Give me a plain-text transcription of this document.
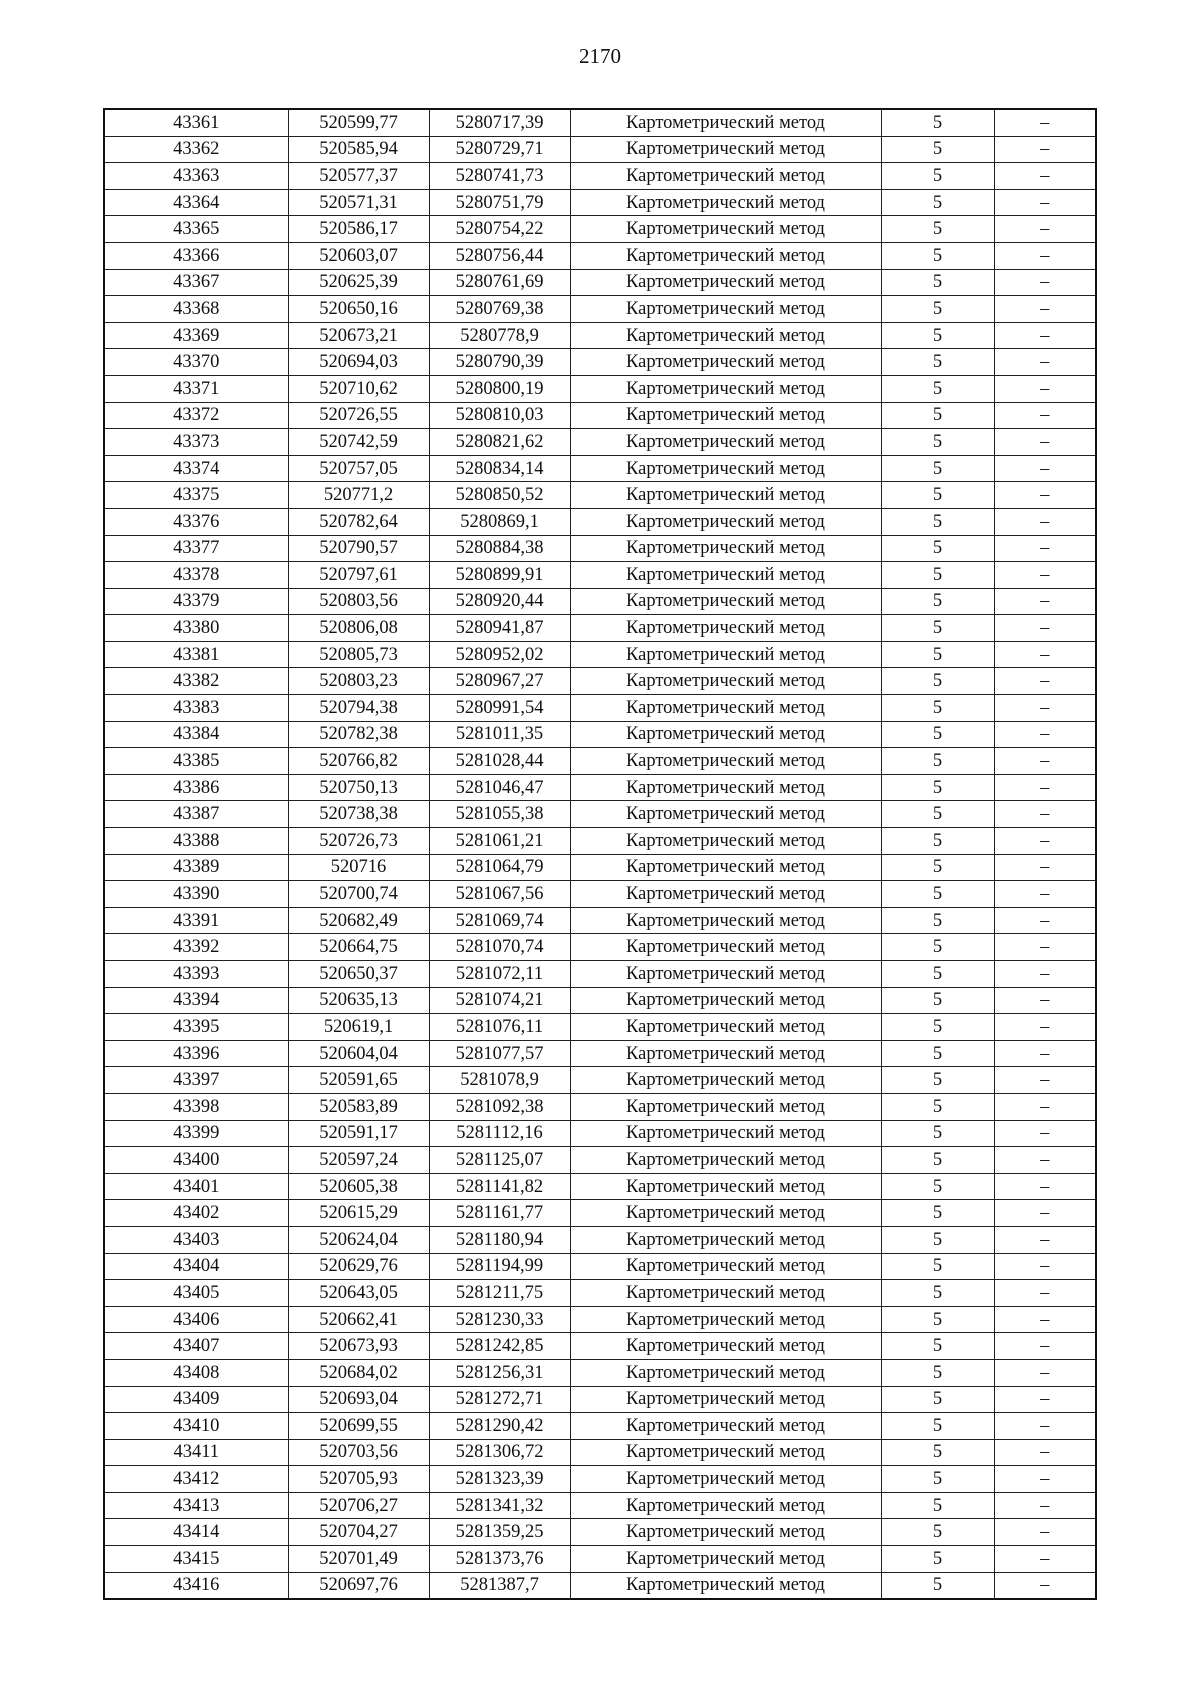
2170
43361	520599,77	5280717,39	Картометрический метод	5	–
43362	520585,94	5280729,71	Картометрический метод	5	–
43363	520577,37	5280741,73	Картометрический метод	5	–
43364	520571,31	5280751,79	Картометрический метод	5	–
43365	520586,17	5280754,22	Картометрический метод	5	–
43366	520603,07	5280756,44	Картометрический метод	5	–
43367	520625,39	5280761,69	Картометрический метод	5	–
43368	520650,16	5280769,38	Картометрический метод	5	–
43369	520673,21	5280778,9	Картометрический метод	5	–
43370	520694,03	5280790,39	Картометрический метод	5	–
43371	520710,62	5280800,19	Картометрический метод	5	–
43372	520726,55	5280810,03	Картометрический метод	5	–
43373	520742,59	5280821,62	Картометрический метод	5	–
43374	520757,05	5280834,14	Картометрический метод	5	–
43375	520771,2	5280850,52	Картометрический метод	5	–
43376	520782,64	5280869,1	Картометрический метод	5	–
43377	520790,57	5280884,38	Картометрический метод	5	–
43378	520797,61	5280899,91	Картометрический метод	5	–
43379	520803,56	5280920,44	Картометрический метод	5	–
43380	520806,08	5280941,87	Картометрический метод	5	–
43381	520805,73	5280952,02	Картометрический метод	5	–
43382	520803,23	5280967,27	Картометрический метод	5	–
43383	520794,38	5280991,54	Картометрический метод	5	–
43384	520782,38	5281011,35	Картометрический метод	5	–
43385	520766,82	5281028,44	Картометрический метод	5	–
43386	520750,13	5281046,47	Картометрический метод	5	–
43387	520738,38	5281055,38	Картометрический метод	5	–
43388	520726,73	5281061,21	Картометрический метод	5	–
43389	520716	5281064,79	Картометрический метод	5	–
43390	520700,74	5281067,56	Картометрический метод	5	–
43391	520682,49	5281069,74	Картометрический метод	5	–
43392	520664,75	5281070,74	Картометрический метод	5	–
43393	520650,37	5281072,11	Картометрический метод	5	–
43394	520635,13	5281074,21	Картометрический метод	5	–
43395	520619,1	5281076,11	Картометрический метод	5	–
43396	520604,04	5281077,57	Картометрический метод	5	–
43397	520591,65	5281078,9	Картометрический метод	5	–
43398	520583,89	5281092,38	Картометрический метод	5	–
43399	520591,17	5281112,16	Картометрический метод	5	–
43400	520597,24	5281125,07	Картометрический метод	5	–
43401	520605,38	5281141,82	Картометрический метод	5	–
43402	520615,29	5281161,77	Картометрический метод	5	–
43403	520624,04	5281180,94	Картометрический метод	5	–
43404	520629,76	5281194,99	Картометрический метод	5	–
43405	520643,05	5281211,75	Картометрический метод	5	–
43406	520662,41	5281230,33	Картометрический метод	5	–
43407	520673,93	5281242,85	Картометрический метод	5	–
43408	520684,02	5281256,31	Картометрический метод	5	–
43409	520693,04	5281272,71	Картометрический метод	5	–
43410	520699,55	5281290,42	Картометрический метод	5	–
43411	520703,56	5281306,72	Картометрический метод	5	–
43412	520705,93	5281323,39	Картометрический метод	5	–
43413	520706,27	5281341,32	Картометрический метод	5	–
43414	520704,27	5281359,25	Картометрический метод	5	–
43415	520701,49	5281373,76	Картометрический метод	5	–
43416	520697,76	5281387,7	Картометрический метод	5	–
